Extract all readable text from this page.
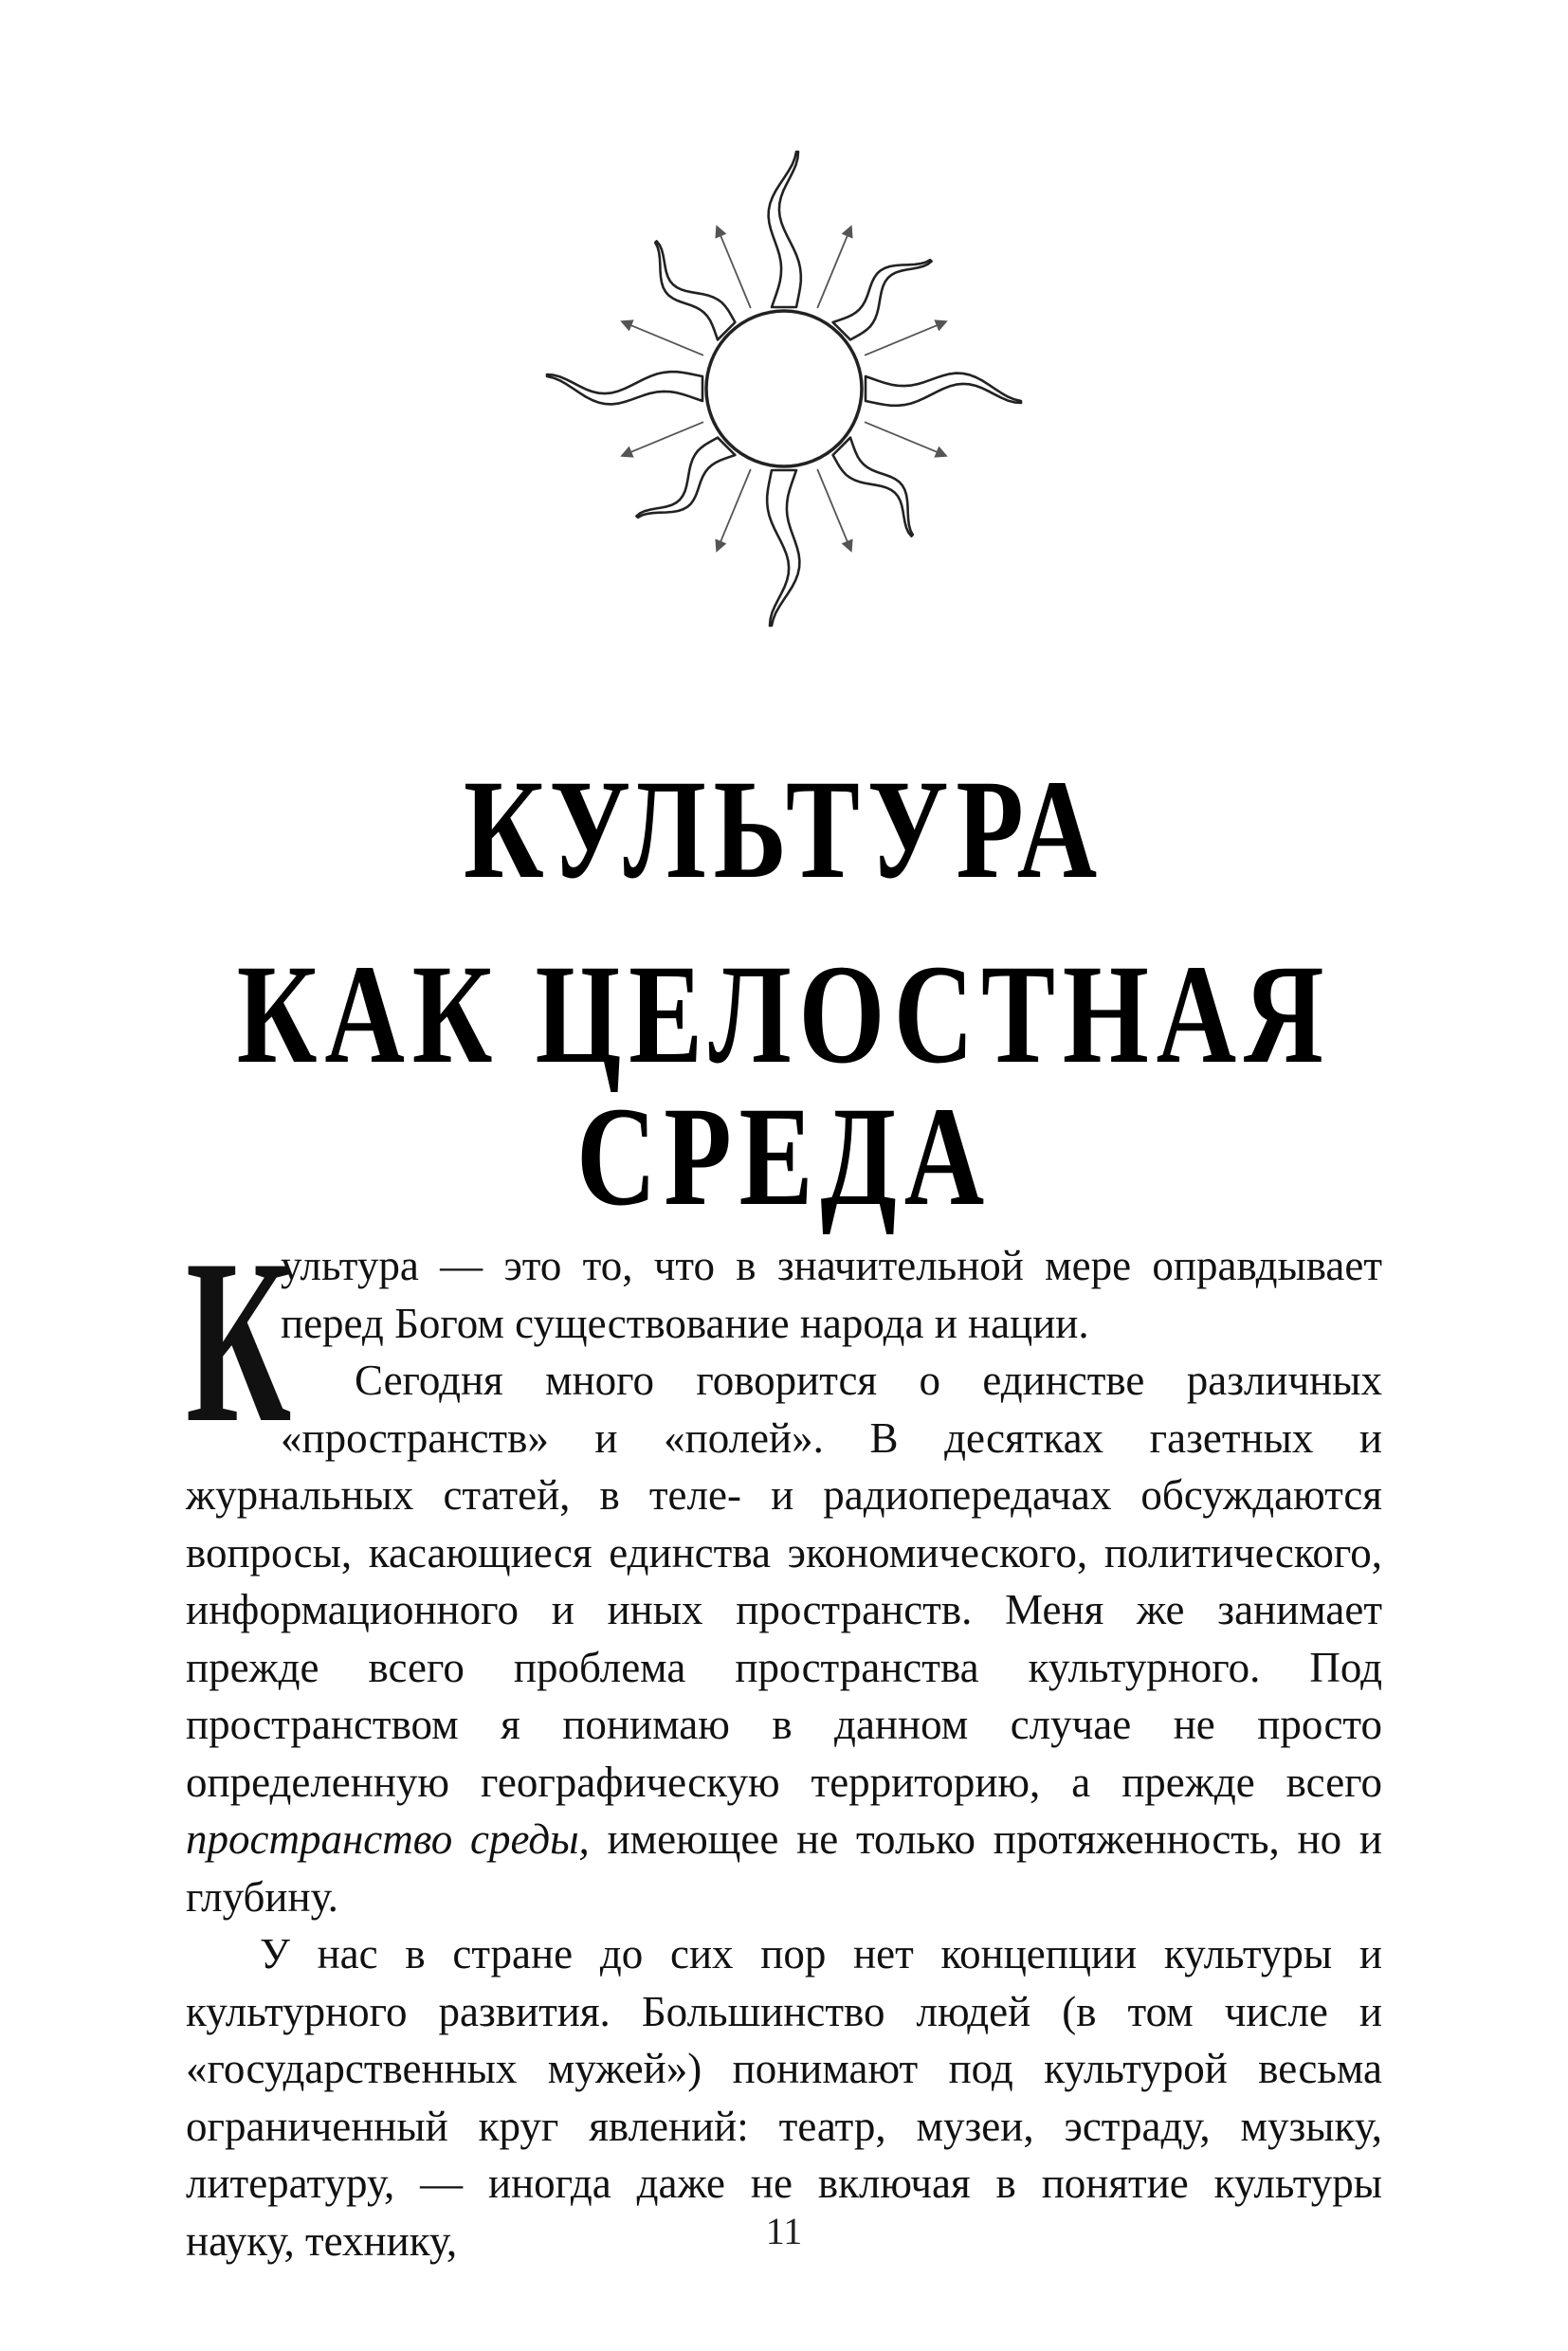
КУЛЬТУРА
КАК ЦЕЛОСТНАЯ СРЕДА

К
ультура — это то, что в значительной мере оправдывает перед Богом существование народа и нации.

Сегодня много говорится о единстве различных «пространств» и «полей». В десятках газетных и журнальных статей, в теле- и радиопередачах обсуждаются вопросы, касающиеся единства экономического, политического, информационного и иных пространств. Меня же занимает прежде всего проблема пространства культурного. Под пространством я понимаю в данном случае не просто определенную географическую территорию, а прежде всего пространство среды, имеющее не только протяженность, но и глубину.

У нас в стране до сих пор нет концепции культуры и культурного развития. Большинство людей (в том числе и «государственных мужей») понимают под культурой весьма ограниченный круг явлений: театр, музеи, эстраду, музыку, литературу, — иногда даже не включая в понятие культуры науку, технику,	11
